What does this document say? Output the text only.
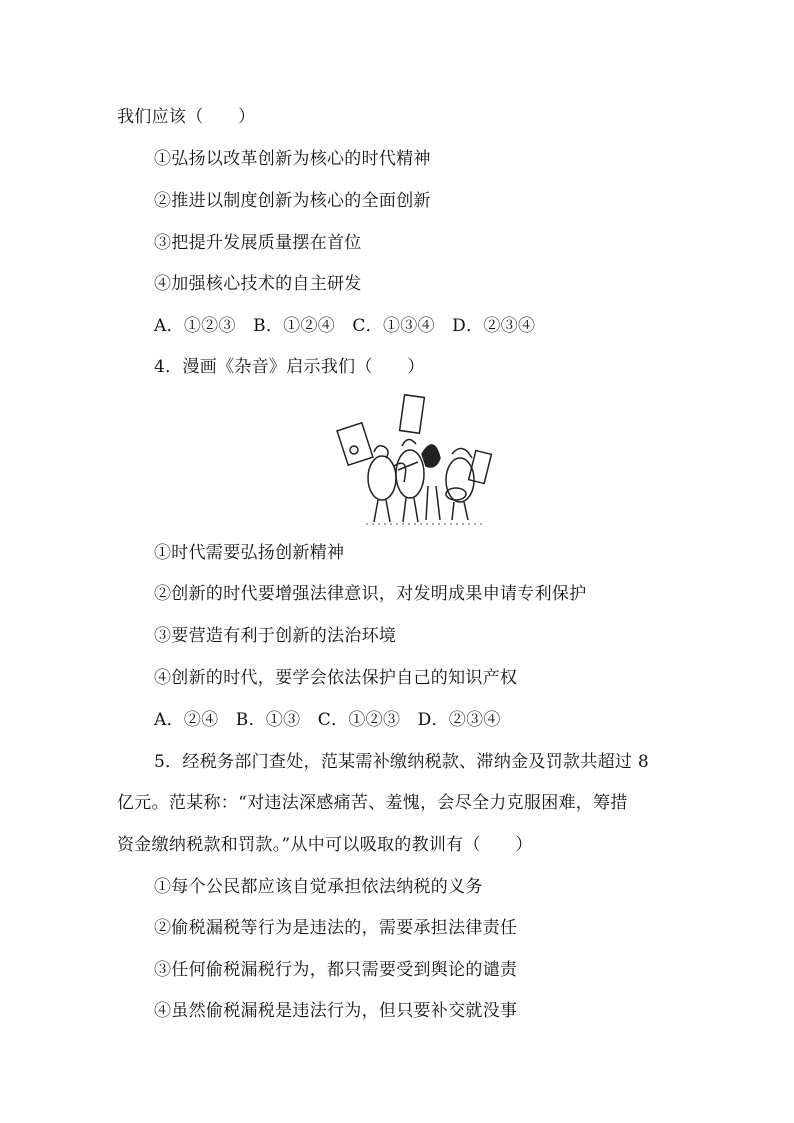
我们应该（　　）
①弘扬以改革创新为核心的时代精神
②推进以制度创新为核心的全面创新
③把提升发展质量摆在首位
④加强核心技术的自主研发
A．①②③　B．①②④　C．①③④　D．②③④
4．漫画《杂音》启示我们（　　）
①时代需要弘扬创新精神
②创新的时代要增强法律意识，对发明成果申请专利保护
③要营造有利于创新的法治环境
④创新的时代，要学会依法保护自己的知识产权
A．②④　B．①③　C．①②③　D．②③④
5．经税务部门查处，范某需补缴纳税款、滞纳金及罚款共超过 8
亿元。范某称：“对违法深感痛苦、羞愧，会尽全力克服困难，筹措
资金缴纳税款和罚款。”从中可以吸取的教训有（　　）
①每个公民都应该自觉承担依法纳税的义务
②偷税漏税等行为是违法的，需要承担法律责任
③任何偷税漏税行为，都只需要受到舆论的谴责
④虽然偷税漏税是违法行为，但只要补交就没事
